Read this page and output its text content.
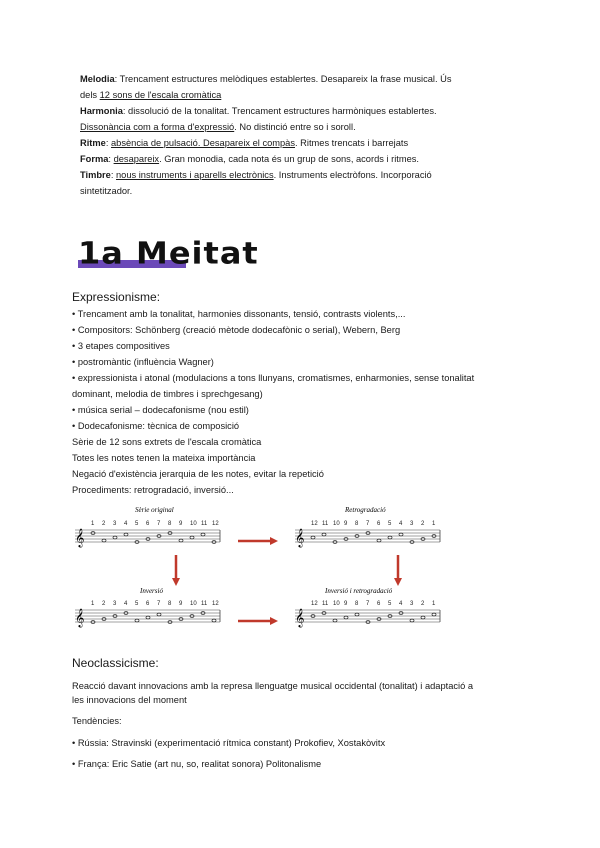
Melodia: Trencament estructures melòdiques establertes. Desapareix la frase musical. Ús
dels 12 sons de l'escala cromàtica
Harmonia: dissolució de la tonalitat. Trencament estructures harmòniques establertes.
Dissonància com a forma d'expressió. No distinció entre so i soroll.
Ritme: absència de pulsació. Desapareix el compàs. Ritmes trencats i barrejats
Forma: desapareix. Gran monodia, cada nota és un grup de sons, acords i ritmes.
Timbre: nous instruments i aparells electrònics. Instruments electròfons. Incorporació
sintetitzador.
1a Meitat
Expressionisme:
• Trencament amb la tonalitat, harmonies dissonants, tensió, contrasts violents,...
• Compositors: Schönberg (creació mètode dodecafònic o serial), Webern, Berg
• 3 etapes compositives
• postromàntic (influència Wagner)
• expressionista i atonal (modulacions a tons llunyans, cromatismes, enharmonies, sense tonalitat
dominant, melodia de timbres i sprechgesang)
• música serial – dodecafonisme (nou estil)
• Dodecafonisme: tècnica de composició
Sèrie de 12 sons extrets de l'escala cromàtica
Totes les notes tenen la mateixa importància
Negació d'existència jerarquia de les notes, evitar la repetició
Procediments: retrogradació, inversió...
Sèrie original	Retrogradació
Inversió	Inversió i retrogradació
𝄞
1 2 3 4 5 6 7 8 9 10 11 12
𝄞
12 11 10 9 8 7 6 5 4 3 2 1
𝄞
1 2 3 4 5 6 7 8 9 10 11 12
𝄞
12 11 10 9 8 7 6 5 4 3 2 1
Neoclassicisme:
Reacció davant innovacions amb la represa llenguatge musical occidental (tonalitat) i adaptació a
les innovacions del moment
Tendències:
• Rússia: Stravinski (experimentació rítmica constant) Prokofiev, Xostakòvitx
• França: Eric Satie (art nu, so, realitat sonora) Politonalisme
